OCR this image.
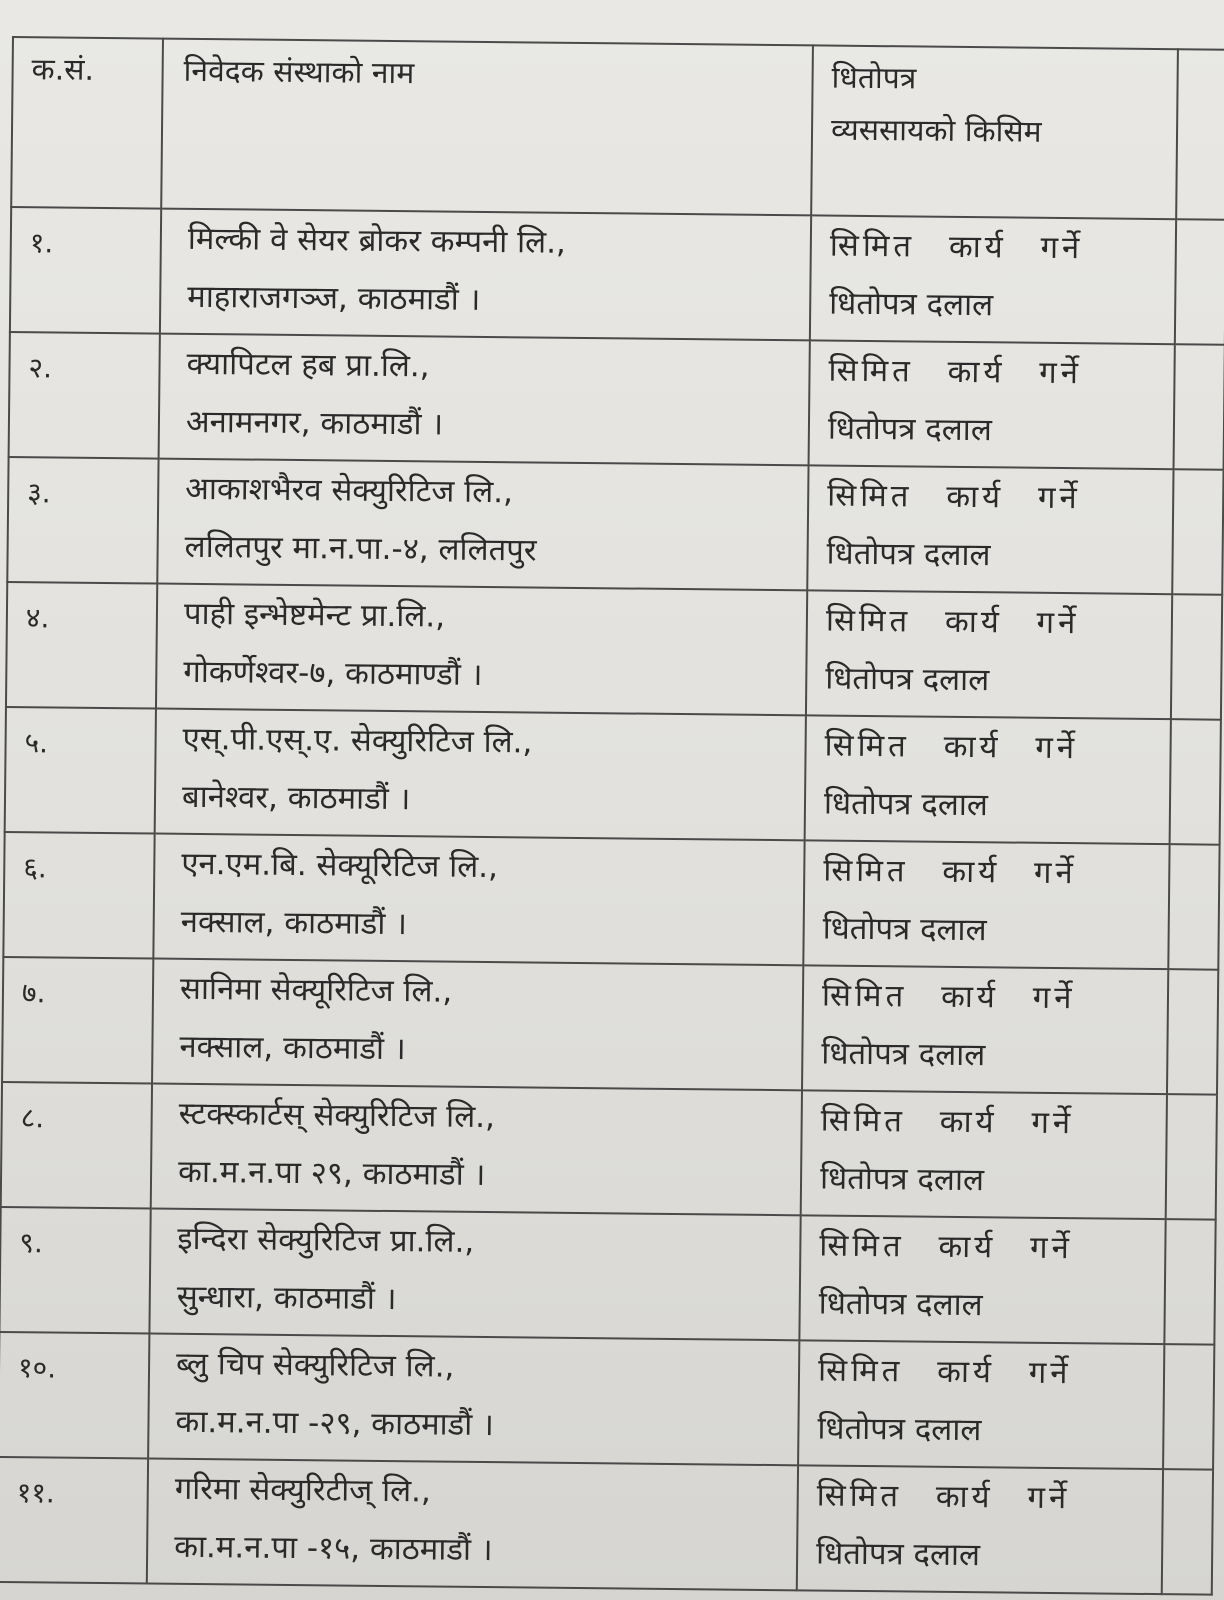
क.सं.	निवेदक संस्थाको नाम	धितोपत्र
व्यससायको किसिम	

१.	मिल्की वे सेयर ब्रोकर कम्पनी लि.,
माहाराजगञ्ज, काठमाडौं ।	सिमित कार्य गर्ने
धितोपत्र दलाल	

२.	क्यापिटल हब प्रा.लि.,
अनामनगर, काठमाडौं ।	सिमित कार्य गर्ने
धितोपत्र दलाल	

३.	आकाशभैरव सेक्युरिटिज लि.,
ललितपुर मा.न.पा.-४, ललितपुर	सिमित कार्य गर्ने
धितोपत्र दलाल	

४.	पाही इन्भेष्टमेन्ट प्रा.लि.,
गोकर्णेश्वर-७, काठमाण्डौं ।	सिमित कार्य गर्ने
धितोपत्र दलाल	

५.	एस्.पी.एस्.ए. सेक्युरिटिज लि.,
बानेश्वर, काठमाडौं ।	सिमित कार्य गर्ने
धितोपत्र दलाल	

६.	एन.एम.बि. सेक्यूरिटिज लि.,
नक्साल, काठमाडौं ।	सिमित कार्य गर्ने
धितोपत्र दलाल	

७.	सानिमा सेक्यूरिटिज लि.,
नक्साल, काठमाडौं ।	सिमित कार्य गर्ने
धितोपत्र दलाल	

८.	स्टक्स्कार्टस् सेक्युरिटिज लि.,
का.म.न.पा २९, काठमाडौं ।	सिमित कार्य गर्ने
धितोपत्र दलाल	

९.	इन्दिरा सेक्युरिटिज प्रा.लि.,
सुन्धारा, काठमाडौं ।	सिमित कार्य गर्ने
धितोपत्र दलाल	

१०.	ब्लु चिप सेक्युरिटिज लि.,
का.म.न.पा -२९, काठमाडौं ।	सिमित कार्य गर्ने
धितोपत्र दलाल	

११.	गरिमा सेक्युरिटीज् लि.,
का.म.न.पा -१५, काठमाडौं ।	सिमित कार्य गर्ने
धितोपत्र दलाल	
